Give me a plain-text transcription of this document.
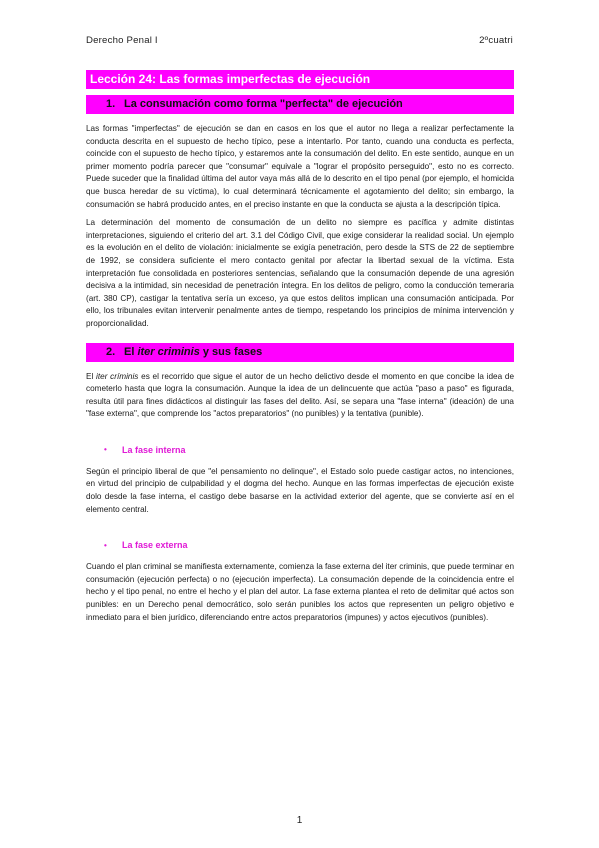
Derecho Penal I	2ºcuatri
Lección 24: Las formas imperfectas de ejecución
1. La consumación como forma "perfecta" de ejecución

Las formas "imperfectas" de ejecución se dan en casos en los que el autor no llega a realizar perfectamente la conducta descrita en el supuesto de hecho típico, pese a intentarlo. Por tanto, cuando una conducta es perfecta, coincide con el supuesto de hecho típico, y estaremos ante la consumación del delito. En este sentido, aunque en un primer momento podría parecer que "consumar" equivale a "lograr el propósito perseguido", esto no es correcto. Puede suceder que la finalidad última del autor vaya más allá de lo descrito en el tipo penal (por ejemplo, el homicida que busca heredar de su víctima), lo cual determinará técnicamente el agotamiento del delito; sin embargo, la consumación se habrá producido antes, en el preciso instante en que la conducta se ajusta a la descripción típica.

La determinación del momento de consumación de un delito no siempre es pacífica y admite distintas interpretaciones, siguiendo el criterio del art. 3.1 del Código Civil, que exige considerar la realidad social. Un ejemplo es la evolución en el delito de violación: inicialmente se exigía penetración, pero desde la STS de 22 de septiembre de 1992, se considera suficiente el mero contacto genital por afectar la libertad sexual de la víctima. Esta interpretación fue consolidada en posteriores sentencias, señalando que la consumación depende de una agresión decisiva a la intimidad, sin necesidad de penetración íntegra. En los delitos de peligro, como la conducción temeraria (art. 380 CP), castigar la tentativa sería un exceso, ya que estos delitos implican una consumación anticipada. Por ello, los tribunales evitan intervenir penalmente antes de tiempo, respetando los principios de mínima intervención y proporcionalidad.

2. El iter criminis y sus fases

El iter críminis es el recorrido que sigue el autor de un hecho delictivo desde el momento en que concibe la idea de cometerlo hasta que logra la consumación. Aunque la idea de un delincuente que actúa "paso a paso" es figurada, resulta útil para fines didácticos al distinguir las fases del delito. Así, se separa una "fase interna" (ideación) de una "fase externa", que comprende los "actos preparatorios" (no punibles) y la tentativa (punible).

•	La fase interna

Según el principio liberal de que "el pensamiento no delinque", el Estado solo puede castigar actos, no intenciones, en virtud del principio de culpabilidad y el dogma del hecho. Aunque en las formas imperfectas de ejecución existe dolo desde la fase interna, el castigo debe basarse en la actividad exterior del agente, que se convierte así en el elemento central.

•	La fase externa

Cuando el plan criminal se manifiesta externamente, comienza la fase externa del iter criminis, que puede terminar en consumación (ejecución perfecta) o no (ejecución imperfecta). La consumación depende de la coincidencia entre el hecho y el tipo penal, no entre el hecho y el plan del autor. La fase externa plantea el reto de delimitar qué actos son punibles: en un Derecho penal democrático, solo serán punibles los actos que representen un peligro objetivo e inmediato para el bien jurídico, diferenciando entre actos preparatorios (impunes) y actos ejecutivos (punibles).

1
